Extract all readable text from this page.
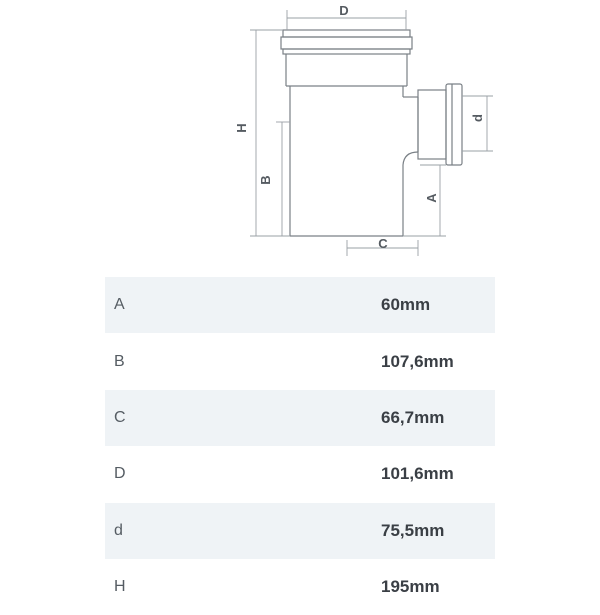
D
H
B
d
A
C
A	60mm
B	107,6mm
C	66,7mm
D	101,6mm
d	75,5mm
H	195mm
